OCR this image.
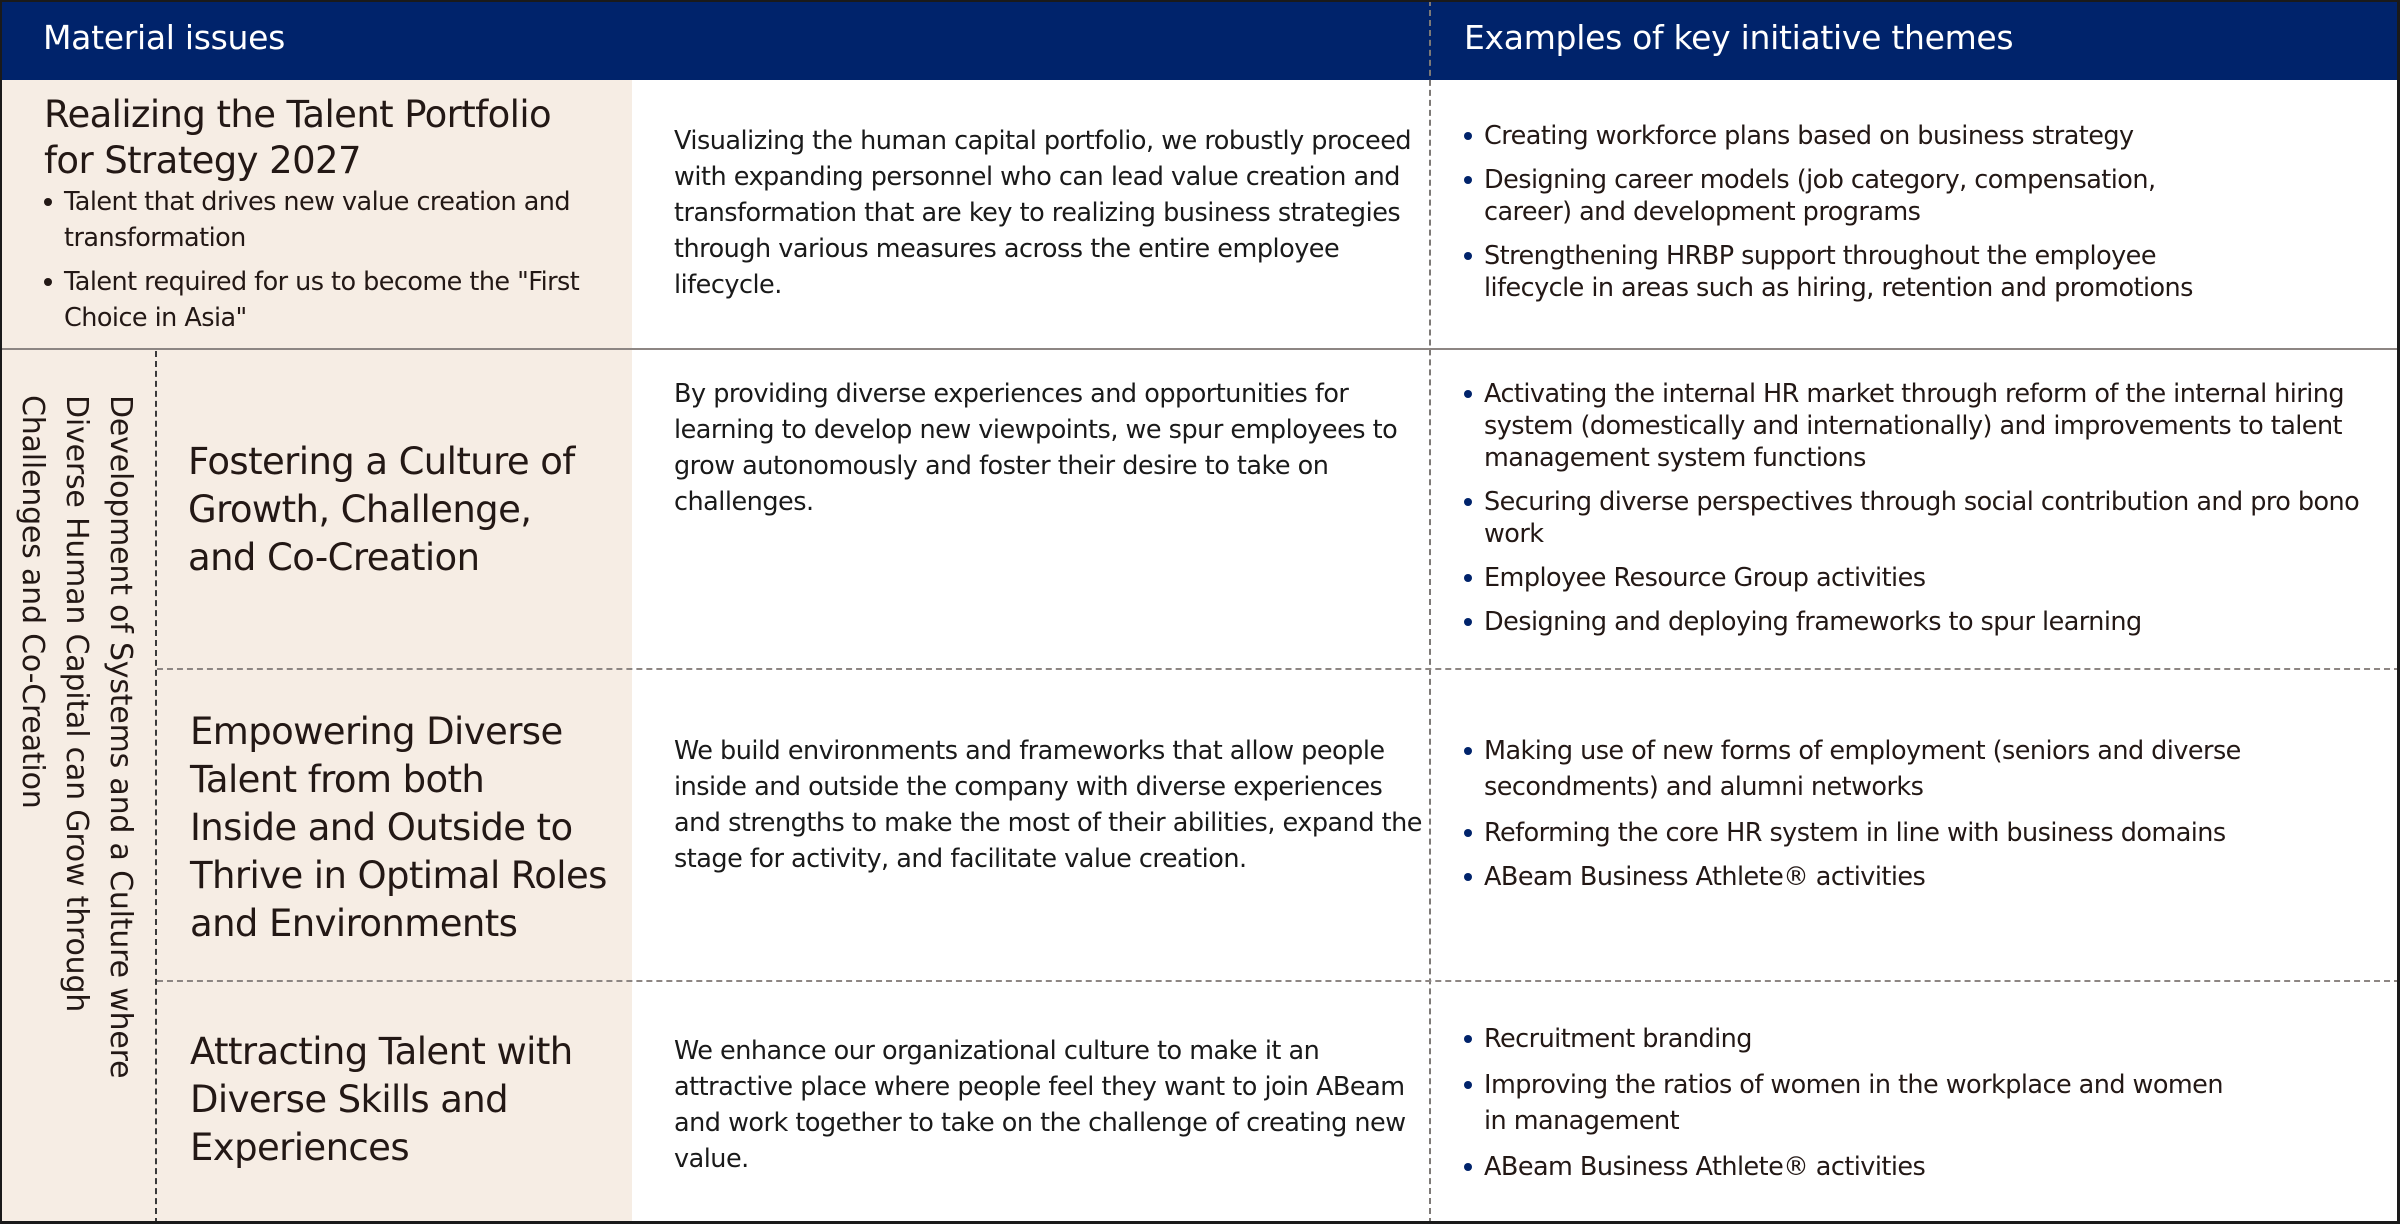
Material issues	Examples of key initiative themes
Development of Systems and a Culture where
Diverse Human Capital can Grow through
Challenges and Co-Creation
Realizing the Talent Portfolio
for Strategy 2027
Talent that drives new value creation and transformation
Talent required for us to become the "First Choice in Asia"
Visualizing the human capital portfolio, we robustly proceed with expanding personnel who can lead value creation and transformation that are key to realizing business strategies through various measures across the entire employee lifecycle.
Creating workforce plans based on business strategy
Designing career models (job category, compensation, career) and development programs
Strengthening HRBP support throughout the employee lifecycle in areas such as hiring, retention and promotions
Fostering a Culture of
Growth, Challenge,
and Co-Creation
By providing diverse experiences and opportunities for learning to develop new viewpoints, we spur employees to grow autonomously and foster their desire to take on challenges.
Activating the internal HR market through reform of the internal hiring system (domestically and internationally) and improvements to talent management system functions
Securing diverse perspectives through social contribution and pro bono work
Employee Resource Group activities
Designing and deploying frameworks to spur learning
Empowering Diverse
Talent from both
Inside and Outside to
Thrive in Optimal Roles
and Environments
We build environments and frameworks that allow people inside and outside the company with diverse experiences and strengths to make the most of their abilities, expand the stage for activity, and facilitate value creation.
Making use of new forms of employment (seniors and diverse secondments) and alumni networks
Reforming the core HR system in line with business domains
ABeam Business Athlete® activities
Attracting Talent with
Diverse Skills and
Experiences
We enhance our organizational culture to make it an attractive place where people feel they want to join ABeam and work together to take on the challenge of creating new value.
Recruitment branding
Improving the ratios of women in the workplace and women in management
ABeam Business Athlete® activities
